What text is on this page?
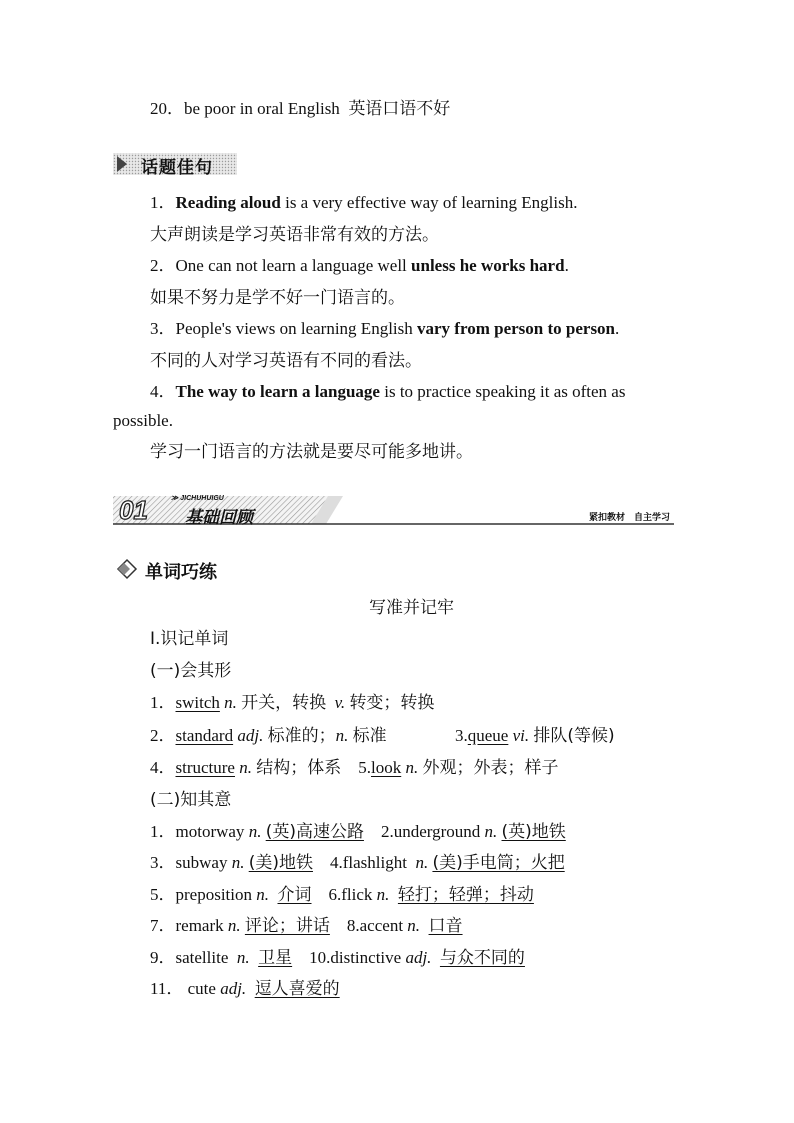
20．be poor in oral English 英语口语不好
话题佳句
1．Reading aloud is a very effective way of learning English.
大声朗读是学习英语非常有效的方法。
2．One can not learn a language well unless he works hard.
如果不努力是学不好一门语言的。
3．People's views on learning English vary from person to person.
不同的人对学习英语有不同的看法。
4．The way to learn a language is to practice speaking it as often as
possible.
学习一门语言的方法就是要尽可能多地讲。
01	≫ JICHUHUIGU
基础回顾	紧扣教材　自主学习
单词巧练
写准并记牢
Ⅰ.识记单词
(一)会其形
1．switch n. 开关，转换 v. 转变；转换
2．standard adj. 标准的；n. 标准	3.queue vi. 排队(等候)
4．structure n. 结构；体系 5.look n. 外观；外表；样子
(二)知其意
1．motorway n. (英)高速公路 2.underground n. (英)地铁
3．subway n. (美)地铁 4.flashlight n. (美)手电筒；火把
5．preposition n. 介词 6.flick n. 轻打；轻弹；抖动
7．remark n. 评论；讲话 8.accent n. 口音
9．satellite n. 卫星 10.distinctive adj. 与众不同的
11． cute adj. 逗人喜爱的
